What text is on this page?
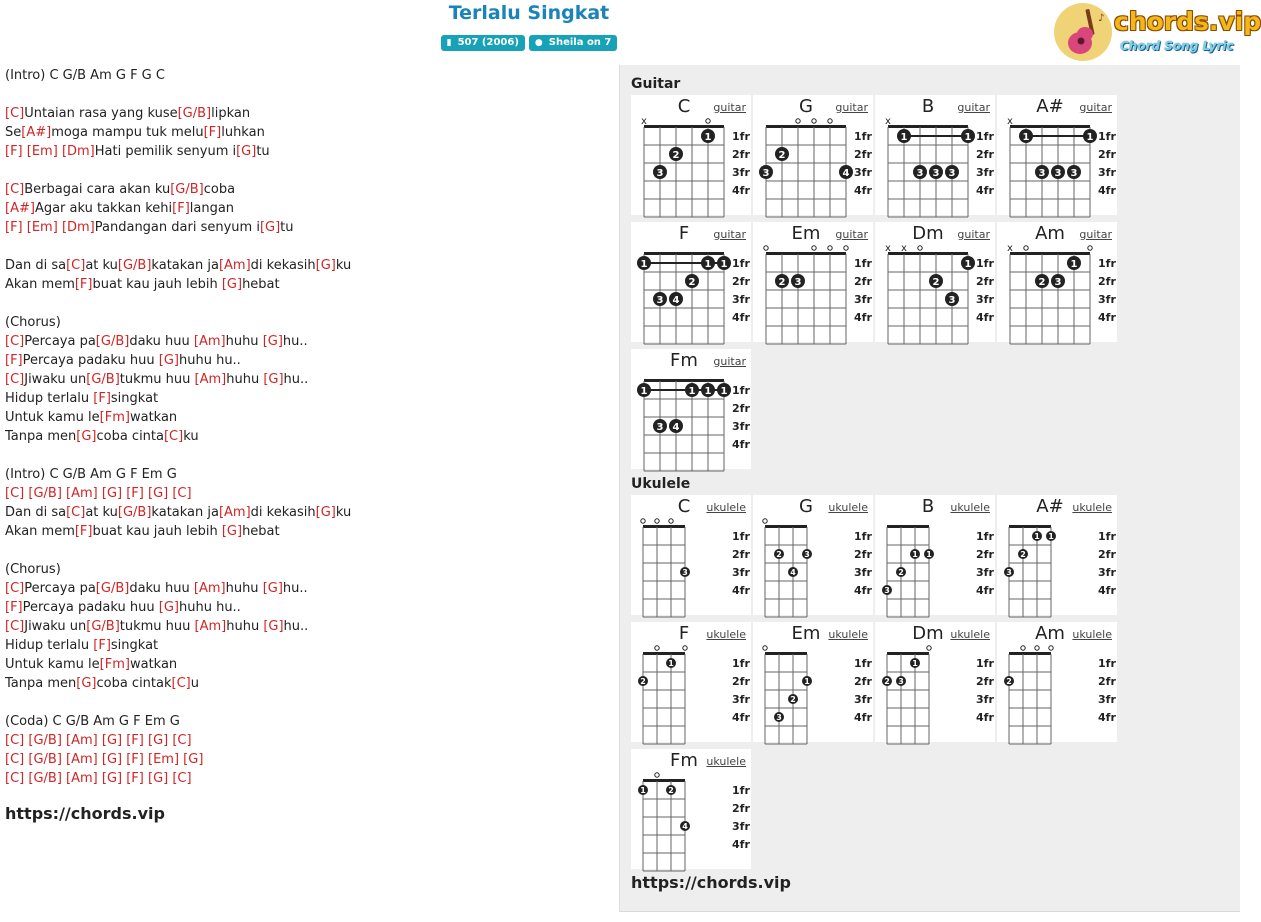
Terlalu Singkat
▮ 507 (2006) ● Sheila on 7
♪ chords.vip
Chord Song Lyric
(Intro) C G/B Am G F G C
[C]Untaian rasa yang kuse[G/B]lipkan
Se[A#]moga mampu tuk melu[F]luhkan
[F] [Em] [Dm]Hati pemilik senyum i[G]tu
[C]Berbagai cara akan ku[G/B]coba
[A#]Agar aku takkan kehi[F]langan
[F] [Em] [Dm]Pandangan dari senyum i[G]tu
Dan di sa[C]at ku[G/B]katakan ja[Am]di kekasih[G]ku
Akan mem[F]buat kau jauh lebih [G]hebat
(Chorus)
[C]Percaya pa[G/B]daku huu [Am]huhu [G]hu..
[F]Percaya padaku huu [G]huhu hu..
[C]Jiwaku un[G/B]tukmu huu [Am]huhu [G]hu..
Hidup terlalu [F]singkat
Untuk kamu le[Fm]watkan
Tanpa men[G]coba cinta[C]ku
(Intro) C G/B Am G F Em G
[C] [G/B] [Am] [G] [F] [G] [C]
Dan di sa[C]at ku[G/B]katakan ja[Am]di kekasih[G]ku
Akan mem[F]buat kau jauh lebih [G]hebat
(Chorus)
[C]Percaya pa[G/B]daku huu [Am]huhu [G]hu..
[F]Percaya padaku huu [G]huhu hu..
[C]Jiwaku un[G/B]tukmu huu [Am]huhu [G]hu..
Hidup terlalu [F]singkat
Untuk kamu le[Fm]watkan
Tanpa men[G]coba cintak[C]u
(Coda) C G/B Am G F Em G
[C] [G/B] [Am] [G] [F] [G] [C]
[C] [G/B] [Am] [G] [F] [Em] [G]
[C] [G/B] [Am] [G] [F] [G] [C]
https://chords.vip
Guitar
Ukulele
https://chords.vip
C	guitar
1fr
2fr
3fr
4fr
x
1
2
3
G	guitar
1fr
2fr
3fr
4fr
2
3	4
B	guitar
1fr
2fr
3fr
4fr
x
1	1
3 3 3
A#	guitar
1fr
2fr
3fr
4fr
x
1	1
3 3 3
F	guitar
1fr
2fr
3fr
4fr
1	1 1
2
3 4
Em	guitar
1fr
2fr
3fr
4fr
2 3
Dm	guitar
1fr
2fr
3fr
4fr
x x
1
2
3
Am	guitar
1fr
2fr
3fr
4fr
x
1
2 3
Fm	guitar
1fr
2fr
3fr
4fr
1	1 1 1
3 4
C	ukulele
1fr
2fr
3fr
4fr
3
G	ukulele
1fr
2fr
3fr
4fr
2	3
4
B	ukulele
1fr
2fr
3fr
4fr
1 1
2
3
A# ukulele
1fr
2fr
3fr
4fr
1 1
2
3
F	ukulele
1fr
2fr
3fr
4fr
1
2
Em ukulele
1fr
2fr
3fr
4fr
1
2
3
Dm ukulele
1fr
2fr
3fr
4fr
1
2 3
Am ukulele
1fr
2fr
3fr
4fr
2
Fm ukulele
1fr
2fr
3fr
4fr
1	2
4
